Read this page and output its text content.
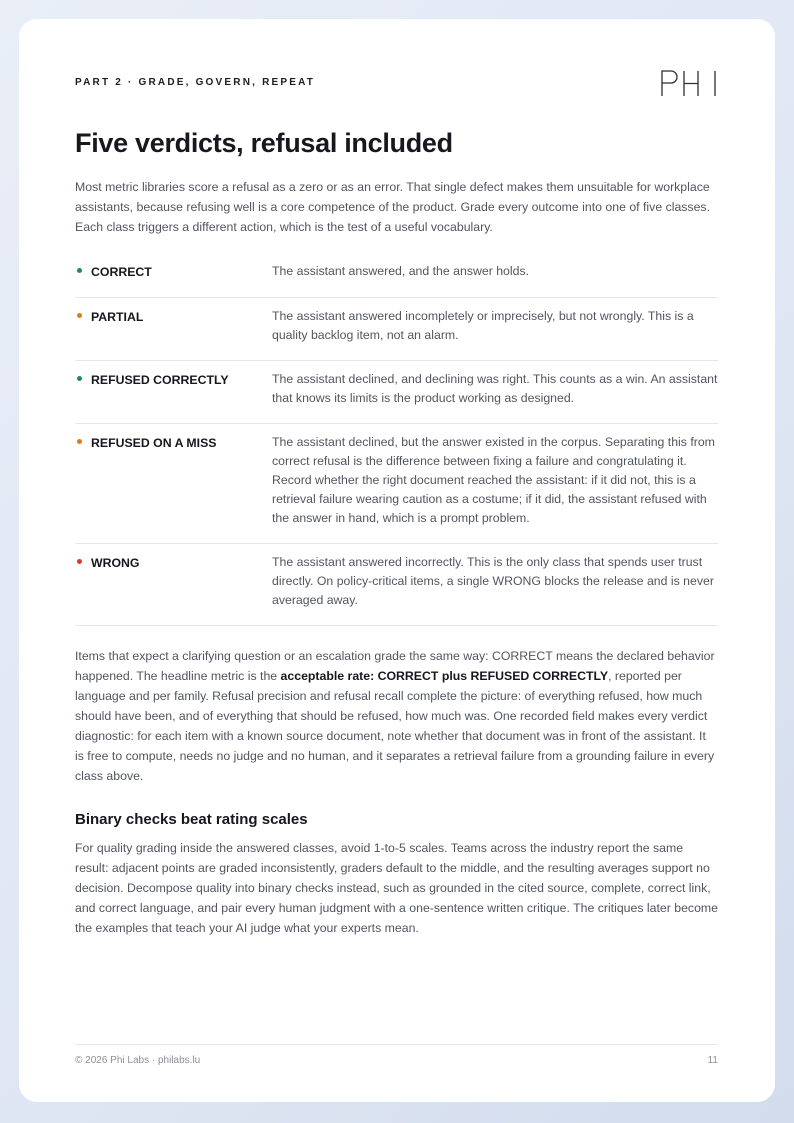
PART 2 · GRADE, GOVERN, REPEAT
Five verdicts, refusal included

Most metric libraries score a refusal as a zero or as an error. That single defect makes them unsuitable for workplace assistants, because refusing well is a core competence of the product. Grade every outcome into one of five classes. Each class triggers a different action, which is the test of a useful vocabulary.

CORRECT	The assistant answered, and the answer holds.
PARTIAL	The assistant answered incompletely or imprecisely, but not wrongly. This is a quality backlog item, not an alarm.
REFUSED CORRECTLY	The assistant declined, and declining was right. This counts as a win. An assistant that knows its limits is the product working as designed.
REFUSED ON A MISS	The assistant declined, but the answer existed in the corpus. Separating this from correct refusal is the difference between fixing a failure and congratulating it. Record whether the right document reached the assistant: if it did not, this is a retrieval failure wearing caution as a costume; if it did, the assistant refused with the answer in hand, which is a prompt problem.
WRONG	The assistant answered incorrectly. This is the only class that spends user trust directly. On policy-critical items, a single WRONG blocks the release and is never averaged away.

Items that expect a clarifying question or an escalation grade the same way: CORRECT means the declared behavior happened. The headline metric is the acceptable rate: CORRECT plus REFUSED CORRECTLY, reported per language and per family. Refusal precision and refusal recall complete the picture: of everything refused, how much should have been, and of everything that should be refused, how much was. One recorded field makes every verdict diagnostic: for each item with a known source document, note whether that document was in front of the assistant. It is free to compute, needs no judge and no human, and it separates a retrieval failure from a grounding failure in every class above.

Binary checks beat rating scales

For quality grading inside the answered classes, avoid 1-to-5 scales. Teams across the industry report the same result: adjacent points are graded inconsistently, graders default to the middle, and the resulting averages support no decision. Decompose quality into binary checks instead, such as grounded in the cited source, complete, correct link, and correct language, and pair every human judgment with a one-sentence written critique. The critiques later become the examples that teach your AI judge what your experts mean.

© 2026 Phi Labs · philabs.lu	11
